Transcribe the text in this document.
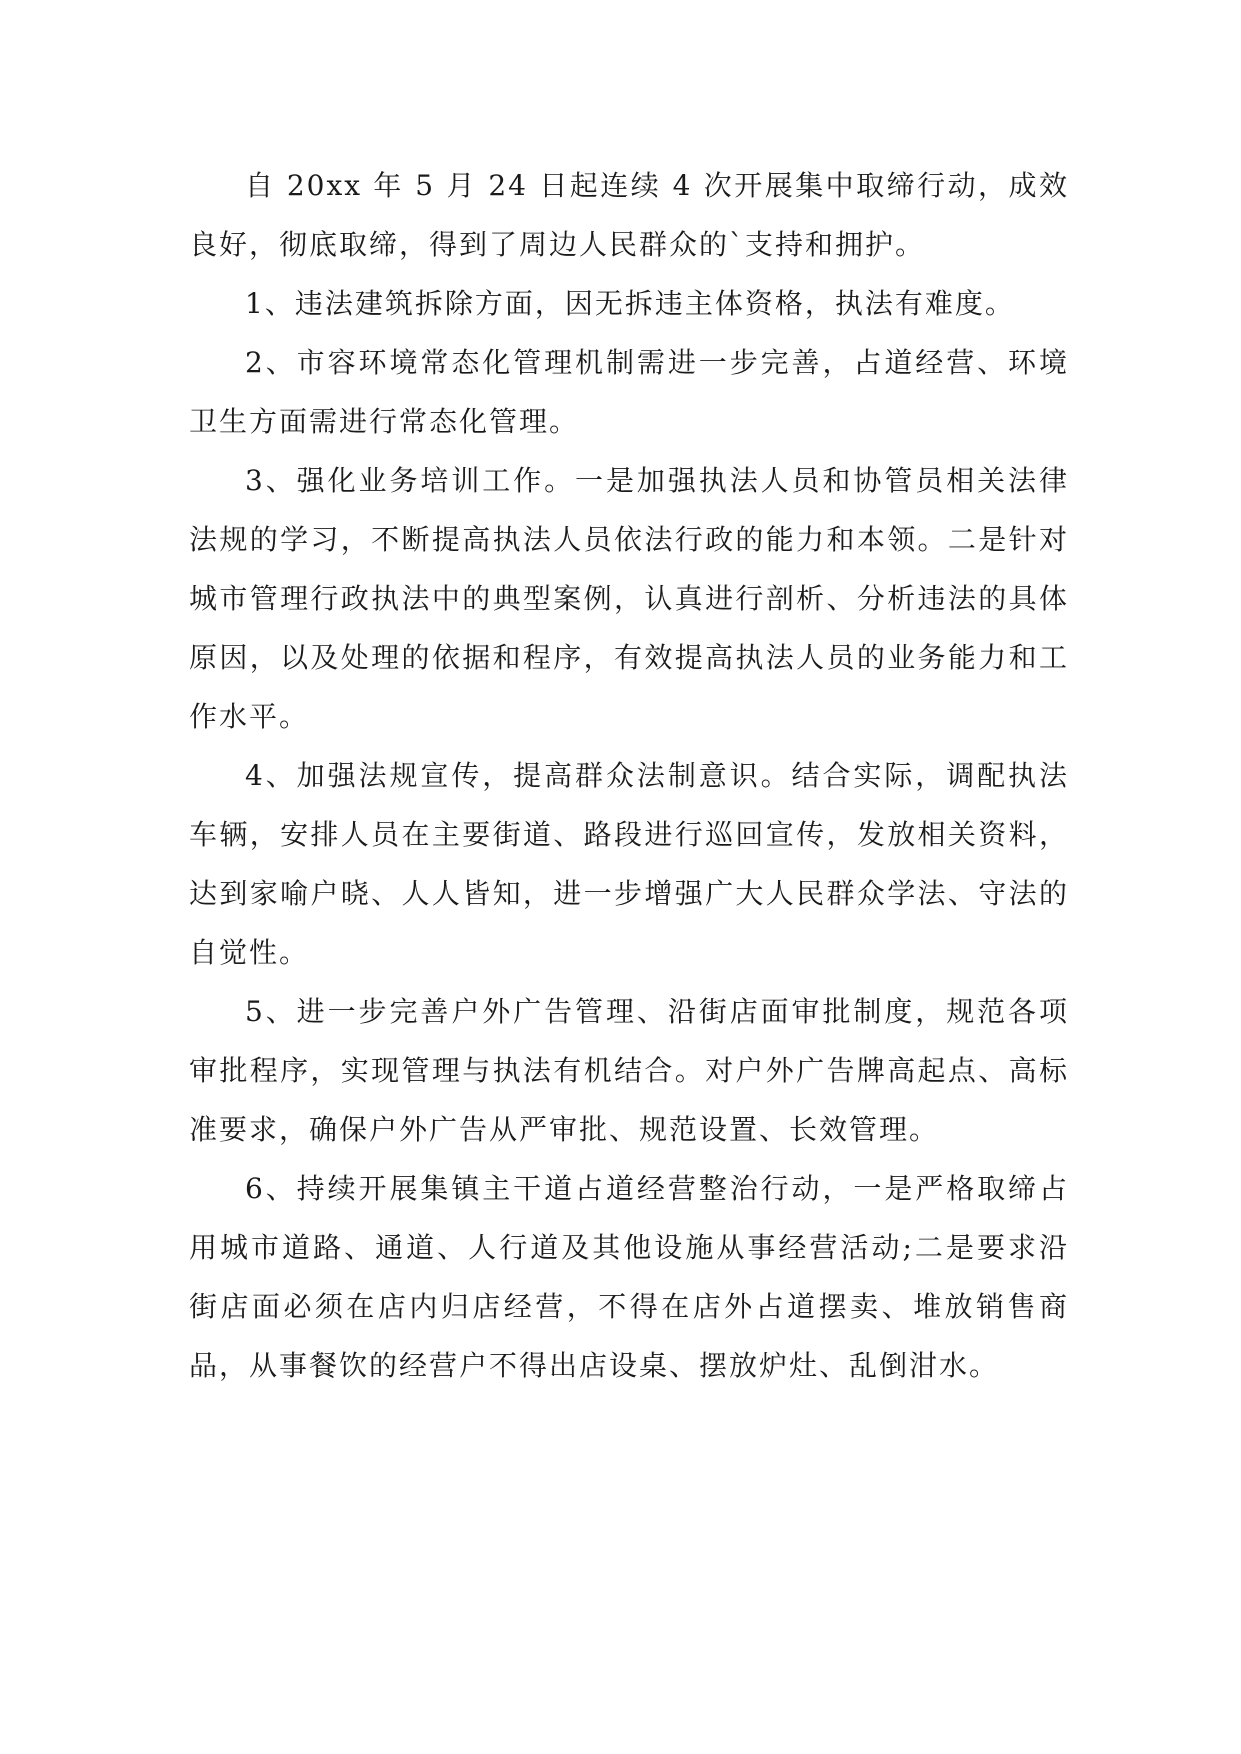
自 20xx 年 5 月 24 日起连续 4 次开展集中取缔行动，成效良好，彻底取缔，得到了周边人民群众的`支持和拥护。

1、违法建筑拆除方面，因无拆违主体资格，执法有难度。

2、市容环境常态化管理机制需进一步完善，占道经营、环境卫生方面需进行常态化管理。

3、强化业务培训工作。一是加强执法人员和协管员相关法律法规的学习，不断提高执法人员依法行政的能力和本领。二是针对城市管理行政执法中的典型案例，认真进行剖析、分析违法的具体原因，以及处理的依据和程序，有效提高执法人员的业务能力和工作水平。

4、加强法规宣传，提高群众法制意识。结合实际，调配执法车辆，安排人员在主要街道、路段进行巡回宣传，发放相关资料，达到家喻户晓、人人皆知，进一步增强广大人民群众学法、守法的自觉性。

5、进一步完善户外广告管理、沿街店面审批制度，规范各项审批程序，实现管理与执法有机结合。对户外广告牌高起点、高标准要求，确保户外广告从严审批、规范设置、长效管理。

6、持续开展集镇主干道占道经营整治行动，一是严格取缔占用城市道路、通道、人行道及其他设施从事经营活动;二是要求沿街店面必须在店内归店经营，不得在店外占道摆卖、堆放销售商品，从事餐饮的经营户不得出店设桌、摆放炉灶、乱倒泔水。
